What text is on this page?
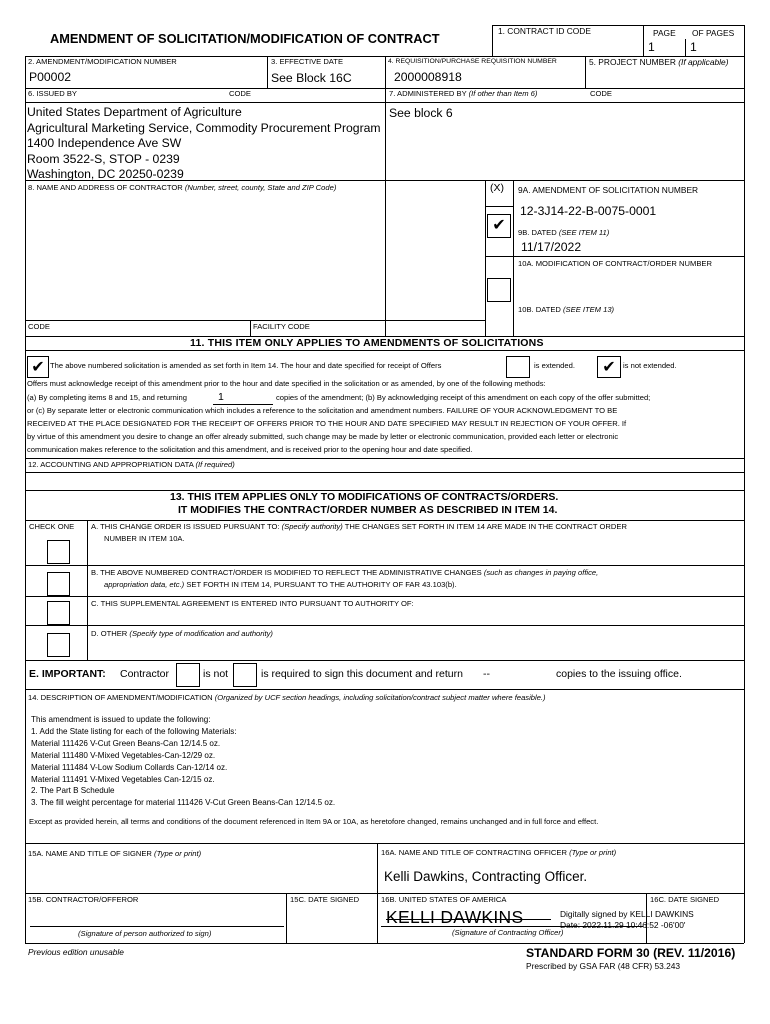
AMENDMENT OF SOLICITATION/MODIFICATION OF CONTRACT	1. CONTRACT ID CODE	PAGE OF PAGES
1	1
2. AMENDMENT/MODIFICATION NUMBER
P00002
3. EFFECTIVE DATE
See Block 16C
4. REQUISITION/PURCHASE REQUISITION NUMBER
2000008918
5. PROJECT NUMBER (If applicable)
6. ISSUED BY	CODE
United States Department of Agriculture
Agricultural Marketing Service, Commodity Procurement Program
1400 Independence Ave SW
Room 3522-S, STOP - 0239
Washington, DC 20250-0239
7. ADMINISTERED BY (If other than Item 6)	CODE
See block 6
8. NAME AND ADDRESS OF CONTRACTOR (Number, street, county, State and ZIP Code)	(X) 9A. AMENDMENT OF SOLICITATION NUMBER
12-3J14-22-B-0075-0001
✔	9B. DATED (SEE ITEM 11)
11/17/2022
10A. MODIFICATION OF CONTRACT/ORDER NUMBER
10B. DATED (SEE ITEM 13)
CODE	FACILITY CODE
11. THIS ITEM ONLY APPLIES TO AMENDMENTS OF SOLICITATIONS
✔ The above numbered solicitation is amended as set forth in Item 14. The hour and date specified for receipt of Offers	is extended.	✔ is not extended.
Offers must acknowledge receipt of this amendment prior to the hour and date specified in the solicitation or as amended, by one of the following methods:
(a) By completing items 8 and 15, and returning	1	copies of the amendment; (b) By acknowledging receipt of this amendment on each copy of the offer submitted;
or (c) By separate letter or electronic communication which includes a reference to the solicitation and amendment numbers. FAILURE OF YOUR ACKNOWLEDGMENT TO BE
RECEIVED AT THE PLACE DESIGNATED FOR THE RECEIPT OF OFFERS PRIOR TO THE HOUR AND DATE SPECIFIED MAY RESULT IN REJECTION OF YOUR OFFER. If
by virtue of this amendment you desire to change an offer already submitted, such change may be made by letter or electronic communication, provided each letter or electronic
communication makes reference to the solicitation and this amendment, and is received prior to the opening hour and date specified.
12. ACCOUNTING AND APPROPRIATION DATA (If required)
13. THIS ITEM APPLIES ONLY TO MODIFICATIONS OF CONTRACTS/ORDERS.
IT MODIFIES THE CONTRACT/ORDER NUMBER AS DESCRIBED IN ITEM 14.
CHECK ONE A. THIS CHANGE ORDER IS ISSUED PURSUANT TO: (Specify authority) THE CHANGES SET FORTH IN ITEM 14 ARE MADE IN THE CONTRACT ORDER
NUMBER IN ITEM 10A.
B. THE ABOVE NUMBERED CONTRACT/ORDER IS MODIFIED TO REFLECT THE ADMINISTRATIVE CHANGES (such as changes in paying office,
appropriation data, etc.) SET FORTH IN ITEM 14, PURSUANT TO THE AUTHORITY OF FAR 43.103(b).
C. THIS SUPPLEMENTAL AGREEMENT IS ENTERED INTO PURSUANT TO AUTHORITY OF:
D. OTHER (Specify type of modification and authority)
E. IMPORTANT: Contractor	is not	is required to sign this document and return --	copies to the issuing office.
14. DESCRIPTION OF AMENDMENT/MODIFICATION (Organized by UCF section headings, including solicitation/contract subject matter where feasible.)
This amendment is issued to update the following:
1. Add the State listing for each of the following Materials:
Material 111426 V-Cut Green Beans-Can 12/14.5 oz.
Material 111480 V-Mixed Vegetables-Can-12/29 oz.
Material 111484 V-Low Sodium Collards Can-12/14 oz.
Material 111491 V-Mixed Vegetables Can-12/15 oz.
2. The Part B Schedule
3. The fill weight percentage for material 111426 V-Cut Green Beans-Can 12/14.5 oz.
Except as provided herein, all terms and conditions of the document referenced in Item 9A or 10A, as heretofore changed, remains unchanged and in full force and effect.
15A. NAME AND TITLE OF SIGNER (Type or print)	16A. NAME AND TITLE OF CONTRACTING OFFICER (Type or print)
Kelli Dawkins, Contracting Officer.
15B. CONTRACTOR/OFFEROR	15C. DATE SIGNED	16B. UNITED STATES OF AMERICA	16C. DATE SIGNED
KELLI DAWKINS	Digitally signed by KELLI DAWKINS
Date: 2022.11.29 10:46:52 -06'00'
(Signature of person authorized to sign)	(Signature of Contracting Officer)
Previous edition unusable	STANDARD FORM 30 (REV. 11/2016)
Prescribed by GSA FAR (48 CFR) 53.243
